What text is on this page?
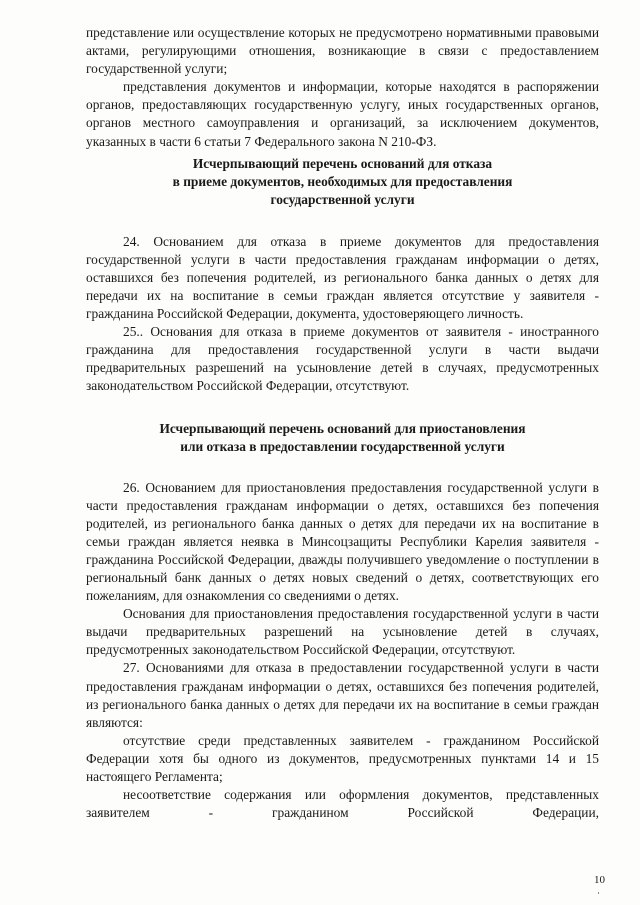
представление или осуществление которых не предусмотрено нормативными правовыми актами, регулирующими отношения, возникающие в связи с предоставлением государственной услуги;

представления документов и информации, которые находятся в распоряжении органов, предоставляющих государственную услугу, иных государственных органов, органов местного самоуправления и организаций, за исключением документов, указанных в части 6 статьи 7 Федерального закона N 210-ФЗ.

Исчерпывающий перечень оснований для отказа
в приеме документов, необходимых для предоставления
государственной услуги

24. Основанием для отказа в приеме документов для предоставления государственной услуги в части предоставления гражданам информации о детях, оставшихся без попечения родителей, из регионального банка данных о детях для передачи их на воспитание в семьи граждан является отсутствие у заявителя - гражданина Российской Федерации, документа, удостоверяющего личность.

25.. Основания для отказа в приеме документов от заявителя - иностранного гражданина для предоставления государственной услуги в части выдачи предварительных разрешений на усыновление детей в случаях, предусмотренных законодательством Российской Федерации, отсутствуют.

Исчерпывающий перечень оснований для приостановления
или отказа в предоставлении государственной услуги

26. Основанием для приостановления предоставления государственной услуги в части предоставления гражданам информации о детях, оставшихся без попечения родителей, из регионального банка данных о детях для передачи их на воспитание в семьи граждан является неявка в Минсоцзащиты Республики Карелия заявителя - гражданина Российской Федерации, дважды получившего уведомление о поступлении в региональный банк данных о детях новых сведений о детях, соответствующих его пожеланиям, для ознакомления со сведениями о детях.

Основания для приостановления предоставления государственной услуги в части выдачи предварительных разрешений на усыновление детей в случаях, предусмотренных законодательством Российской Федерации, отсутствуют.

27. Основаниями для отказа в предоставлении государственной услуги в части предоставления гражданам информации о детях, оставшихся без попечения родителей, из регионального банка данных о детях для передачи их на воспитание в семьи граждан являются:

отсутствие среди представленных заявителем - гражданином Российской Федерации хотя бы одного из документов, предусмотренных пунктами 14 и 15 настоящего Регламента;

несоответствие содержания или оформления документов, представленных заявителем - гражданином Российской Федерации,

10
